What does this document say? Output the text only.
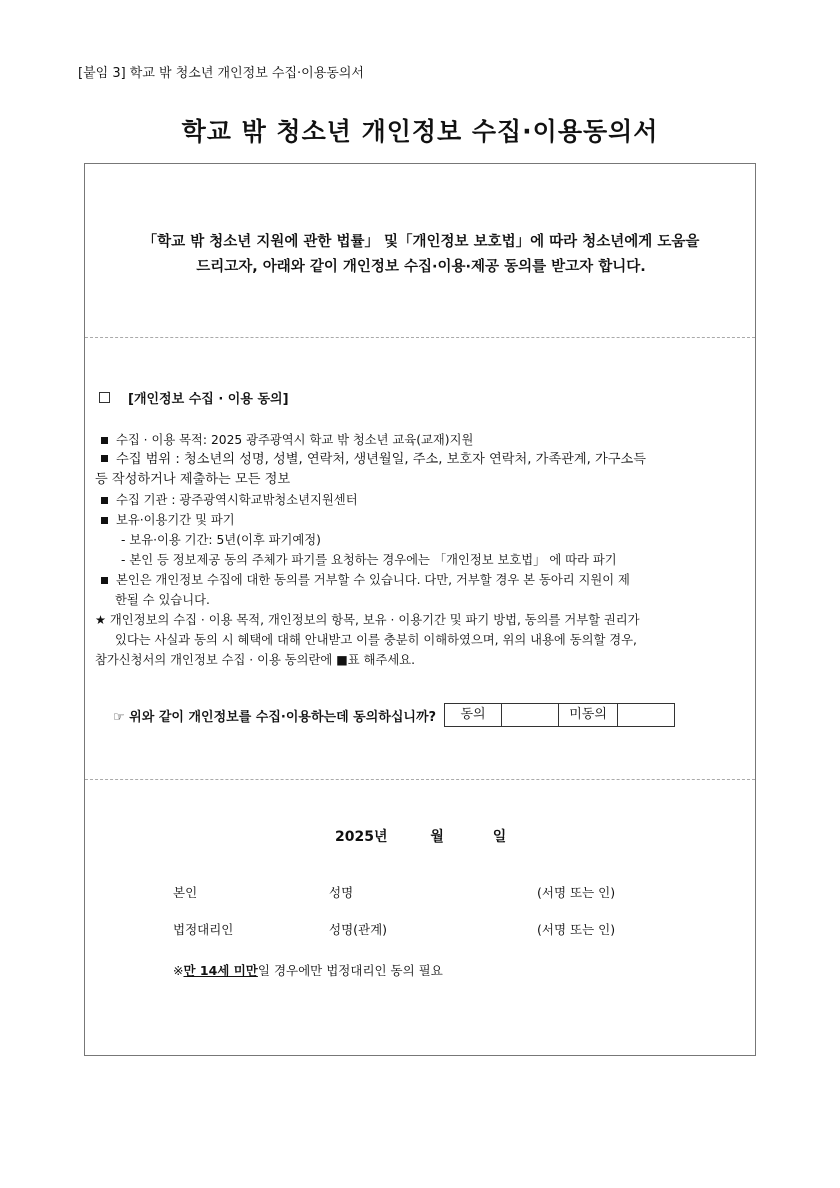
[붙임 3] 학교 밖 청소년 개인정보 수집·이용동의서
학교 밖 청소년 개인정보 수집·이용동의서
「학교 밖 청소년 지원에 관한 법률」 및「개인정보 보호법」에 따라 청소년에게 도움을
드리고자, 아래와 같이 개인정보 수집·이용·제공 동의를 받고자 합니다.
[개인정보 수집 · 이용 동의]
수집 · 이용 목적: 2025 광주광역시 학교 밖 청소년 교육(교재)지원
수집 범위 : 청소년의 성명, 성별, 연락처, 생년월일, 주소, 보호자 연락처, 가족관계, 가구소득
등 작성하거나 제출하는 모든 정보
수집 기관 : 광주광역시학교밖청소년지원센터
보유·이용기간 및 파기
- 보유·이용 기간: 5년(이후 파기예정)
- 본인 등 정보제공 동의 주체가 파기를 요청하는 경우에는 「개인정보 보호법」 에 따라 파기
본인은 개인정보 수집에 대한 동의를 거부할 수 있습니다. 다만, 거부할 경우 본 동아리 지원이 제
한될 수 있습니다.
★ 개인정보의 수집 · 이용 목적, 개인정보의 항목, 보유 · 이용기간 및 파기 방법, 동의를 거부할 권리가
있다는 사실과 동의 시 혜택에 대해 안내받고 이를 충분히 이해하였으며, 위의 내용에 동의할 경우,
참가신청서의 개인정보 수집 · 이용 동의란에 ■표 해주세요.
☞ 위와 같이 개인정보를 수집·이용하는데 동의하십니까?	동의	미동의
2025년	월	일
본인	성명	(서명 또는 인)
법정대리인	성명(관계)	(서명 또는 인)
※만 14세 미만일 경우에만 법정대리인 동의 필요
